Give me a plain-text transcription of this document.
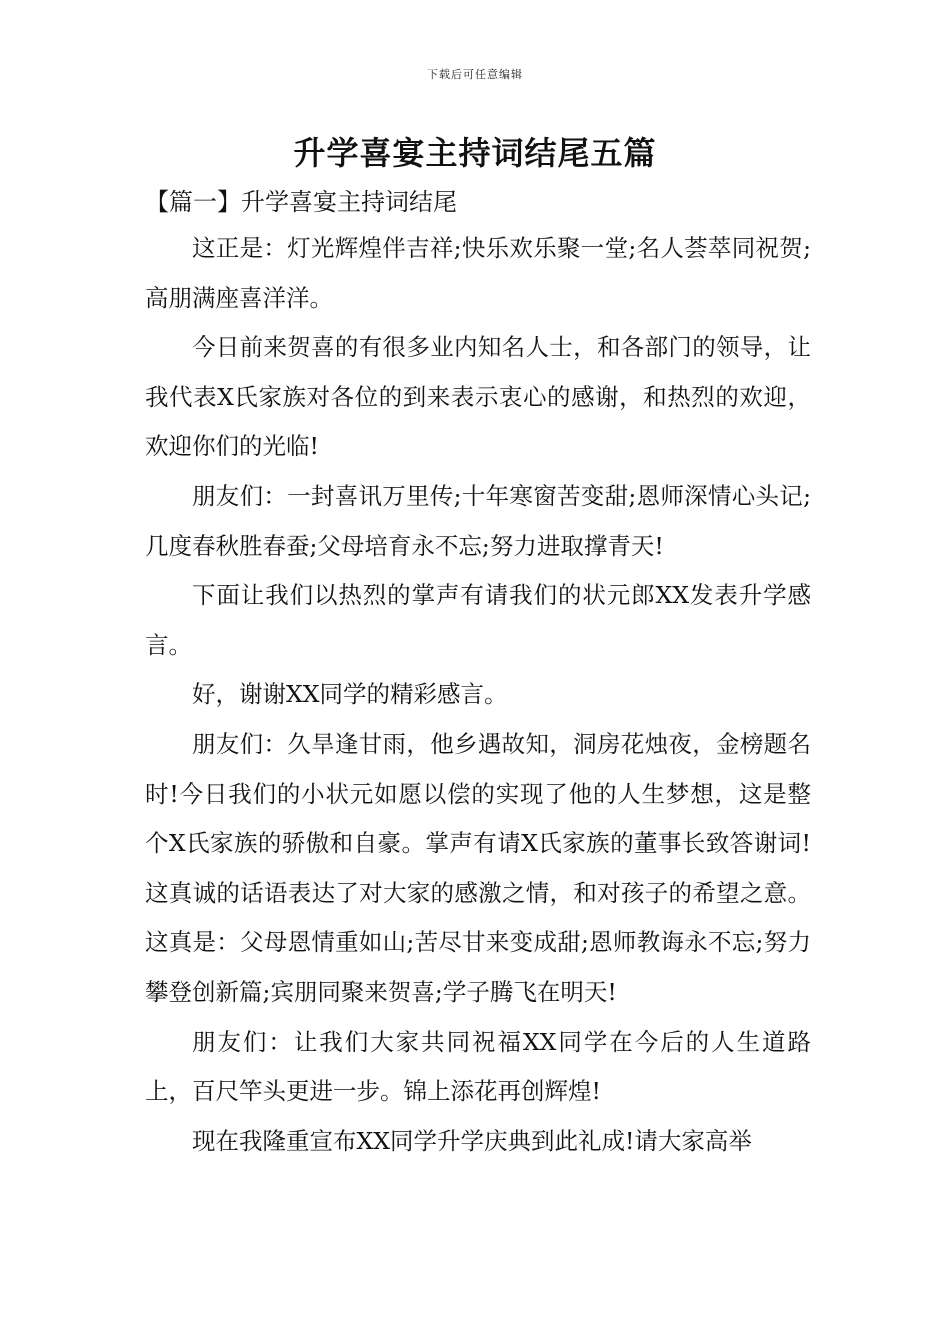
下载后可任意编辑
升学喜宴主持词结尾五篇
【篇一】升学喜宴主持词结尾

这正是：灯光辉煌伴吉祥;快乐欢乐聚一堂;名人荟萃同祝贺;高朋满座喜洋洋。

今日前来贺喜的有很多业内知名人士，和各部门的领导，让我代表X氏家族对各位的到来表示衷心的感谢，和热烈的欢迎，欢迎你们的光临!

朋友们：一封喜讯万里传;十年寒窗苦变甜;恩师深情心头记;几度春秋胜春蚕;父母培育永不忘;努力进取撑青天!

下面让我们以热烈的掌声有请我们的状元郎XX发表升学感言。

好，谢谢XX同学的精彩感言。

朋友们：久旱逢甘雨，他乡遇故知，洞房花烛夜，金榜题名时!今日我们的小状元如愿以偿的实现了他的人生梦想，这是整个X氏家族的骄傲和自豪。掌声有请X氏家族的董事长致答谢词!这真诚的话语表达了对大家的感激之情，和对孩子的希望之意。这真是：父母恩情重如山;苦尽甘来变成甜;恩师教诲永不忘;努力攀登创新篇;宾朋同聚来贺喜;学子腾飞在明天!

朋友们：让我们大家共同祝福XX同学在今后的人生道路上，百尺竿头更进一步。锦上添花再创辉煌!

现在我隆重宣布XX同学升学庆典到此礼成!请大家高举
